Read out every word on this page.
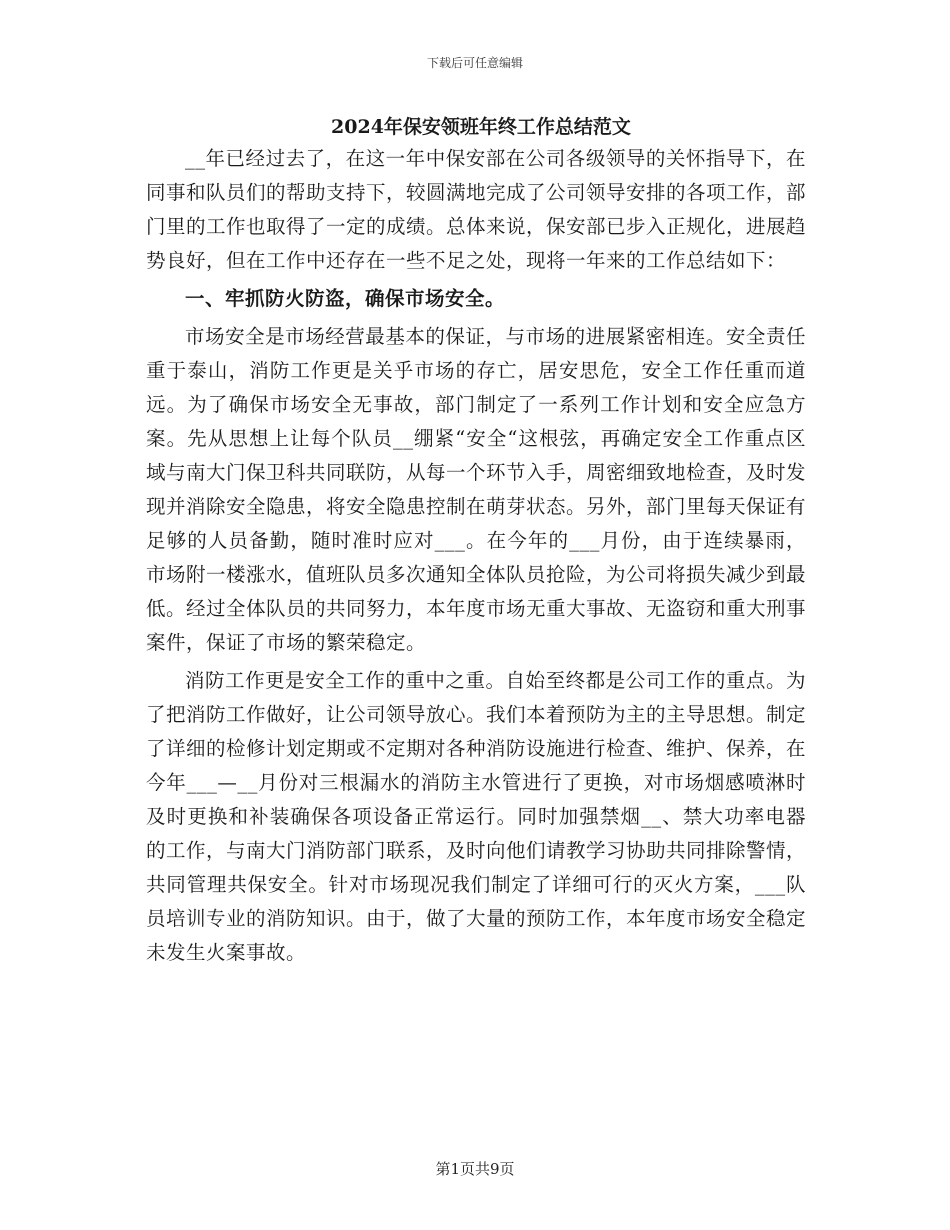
下载后可任意编辑
2024年保安领班年终工作总结范文

__年已经过去了，在这一年中保安部在公司各级领导的关怀指导下，在同事和队员们的帮助支持下，较圆满地完成了公司领导安排的各项工作，部门里的工作也取得了一定的成绩。总体来说，保安部已步入正规化，进展趋势良好，但在工作中还存在一些不足之处，现将一年来的工作总结如下：

一、牢抓防火防盗，确保市场安全。

市场安全是市场经营最基本的保证，与市场的进展紧密相连。安全责任重于泰山，消防工作更是关乎市场的存亡，居安思危，安全工作任重而道远。为了确保市场安全无事故，部门制定了一系列工作计划和安全应急方案。先从思想上让每个队员__绷紧“安全“这根弦，再确定安全工作重点区域与南大门保卫科共同联防，从每一个环节入手，周密细致地检查，及时发现并消除安全隐患，将安全隐患控制在萌芽状态。另外，部门里每天保证有足够的人员备勤，随时准时应对___。在今年的___月份，由于连续暴雨，市场附一楼涨水，值班队员多次通知全体队员抢险，为公司将损失减少到最低。经过全体队员的共同努力，本年度市场无重大事故、无盗窃和重大刑事案件，保证了市场的繁荣稳定。

消防工作更是安全工作的重中之重。自始至终都是公司工作的重点。为了把消防工作做好，让公司领导放心。我们本着预防为主的主导思想。制定了详细的检修计划定期或不定期对各种消防设施进行检查、维护、保养，在今年___—__月份对三根漏水的消防主水管进行了更换，对市场烟感喷淋时及时更换和补装确保各项设备正常运行。同时加强禁烟__、禁大功率电器的工作，与南大门消防部门联系，及时向他们请教学习协助共同排除警情，共同管理共保安全。针对市场现况我们制定了详细可行的灭火方案，___队员培训专业的消防知识。由于，做了大量的预防工作，本年度市场安全稳定未发生火案事故。

第1页共9页
